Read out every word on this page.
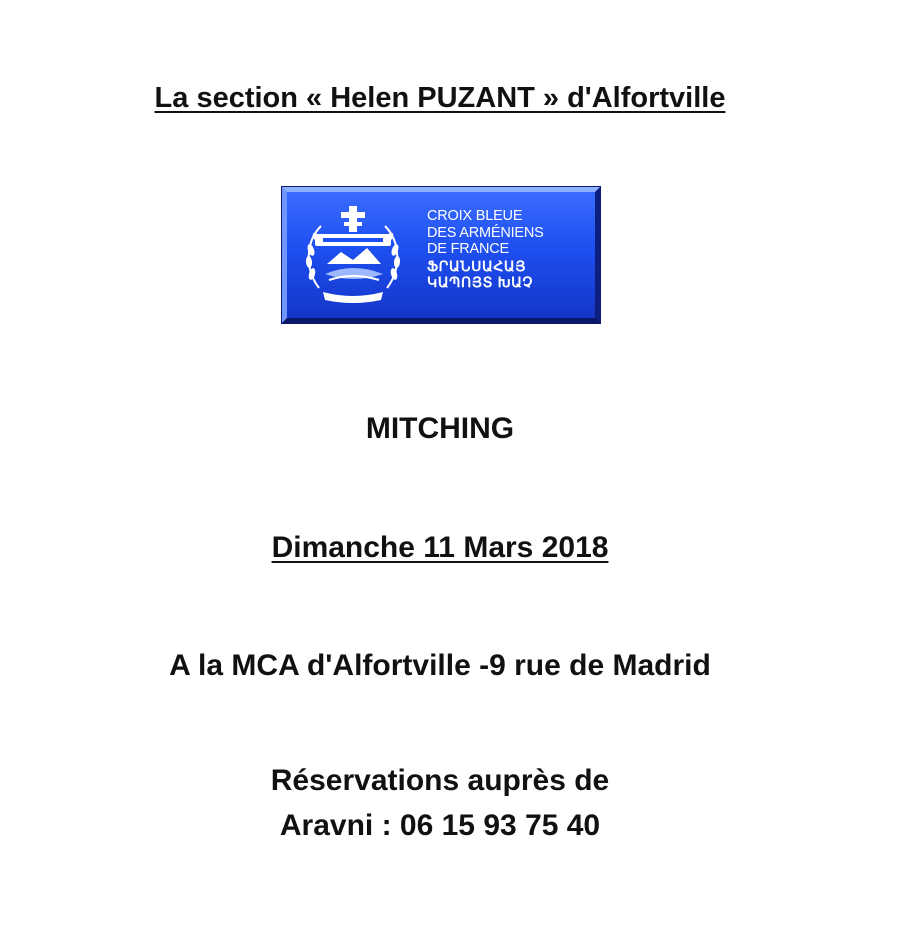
La section « Helen PUZANT » d'Alfortville
CROIX BLEUE
DES ARMÉNIENS
DE FRANCE
ՖՐԱՆՍԱՀԱՅ
ԿԱՊՈՅՏ ԽԱՉ
MITCHING
Dimanche 11 Mars 2018
A la MCA d'Alfortville -9 rue de Madrid
Réservations auprès de
Aravni : 06 15 93 75 40
